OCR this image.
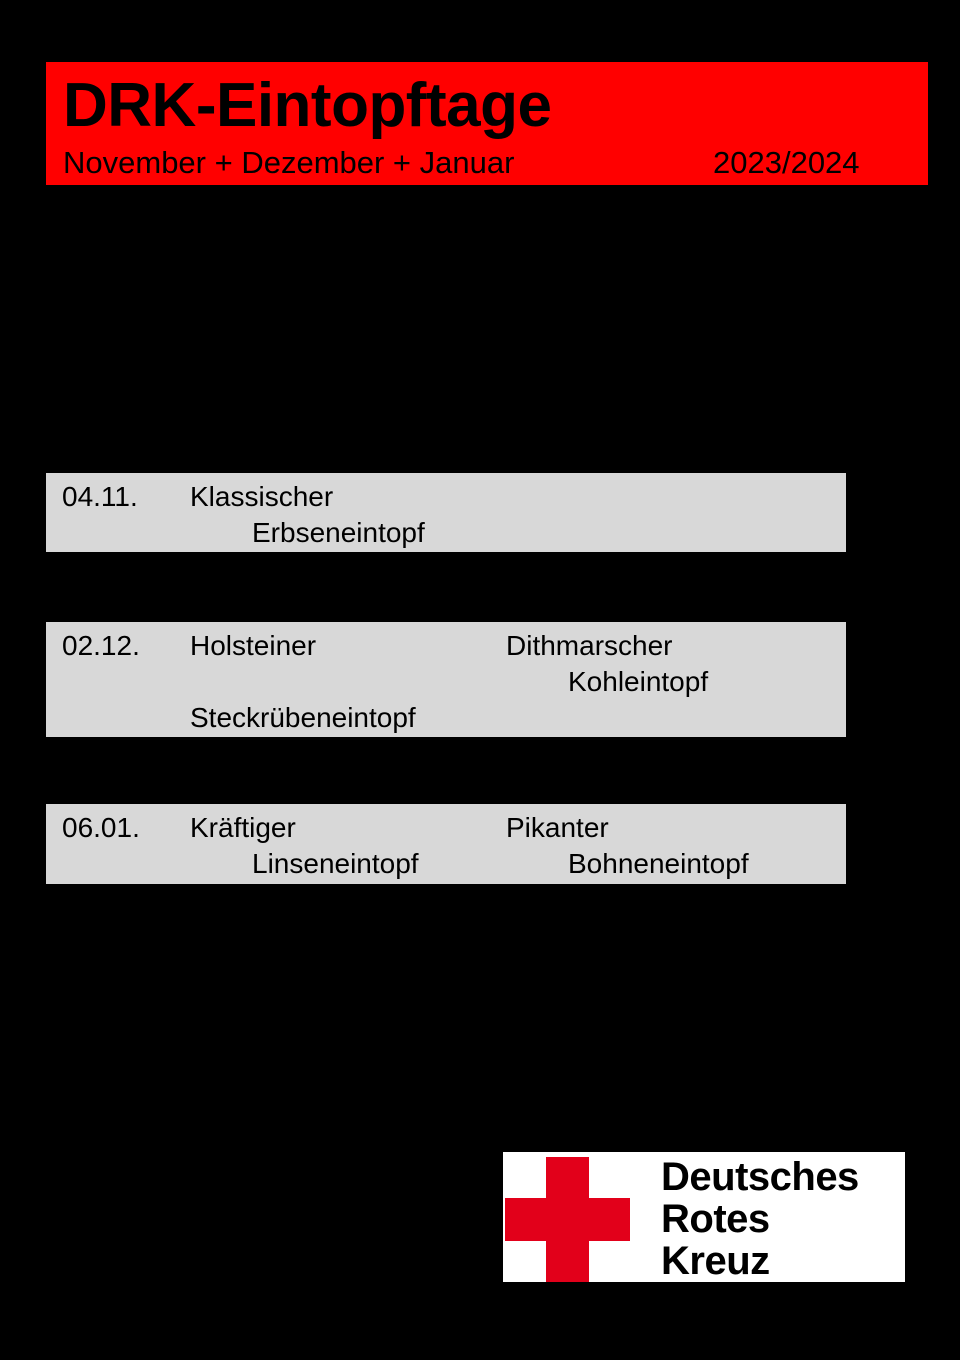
DRK-Eintopftage
November + Dezember + Januar	2023/2024
04.11. Klassischer
Erbseneintopf
02.12. Holsteiner
Steckrübeneintopf
Dithmarscher
Kohleintopf
06.01. Kräftiger
Linseneintopf
Pikanter
Bohneneintopf
Deutsches
Rotes
Kreuz
